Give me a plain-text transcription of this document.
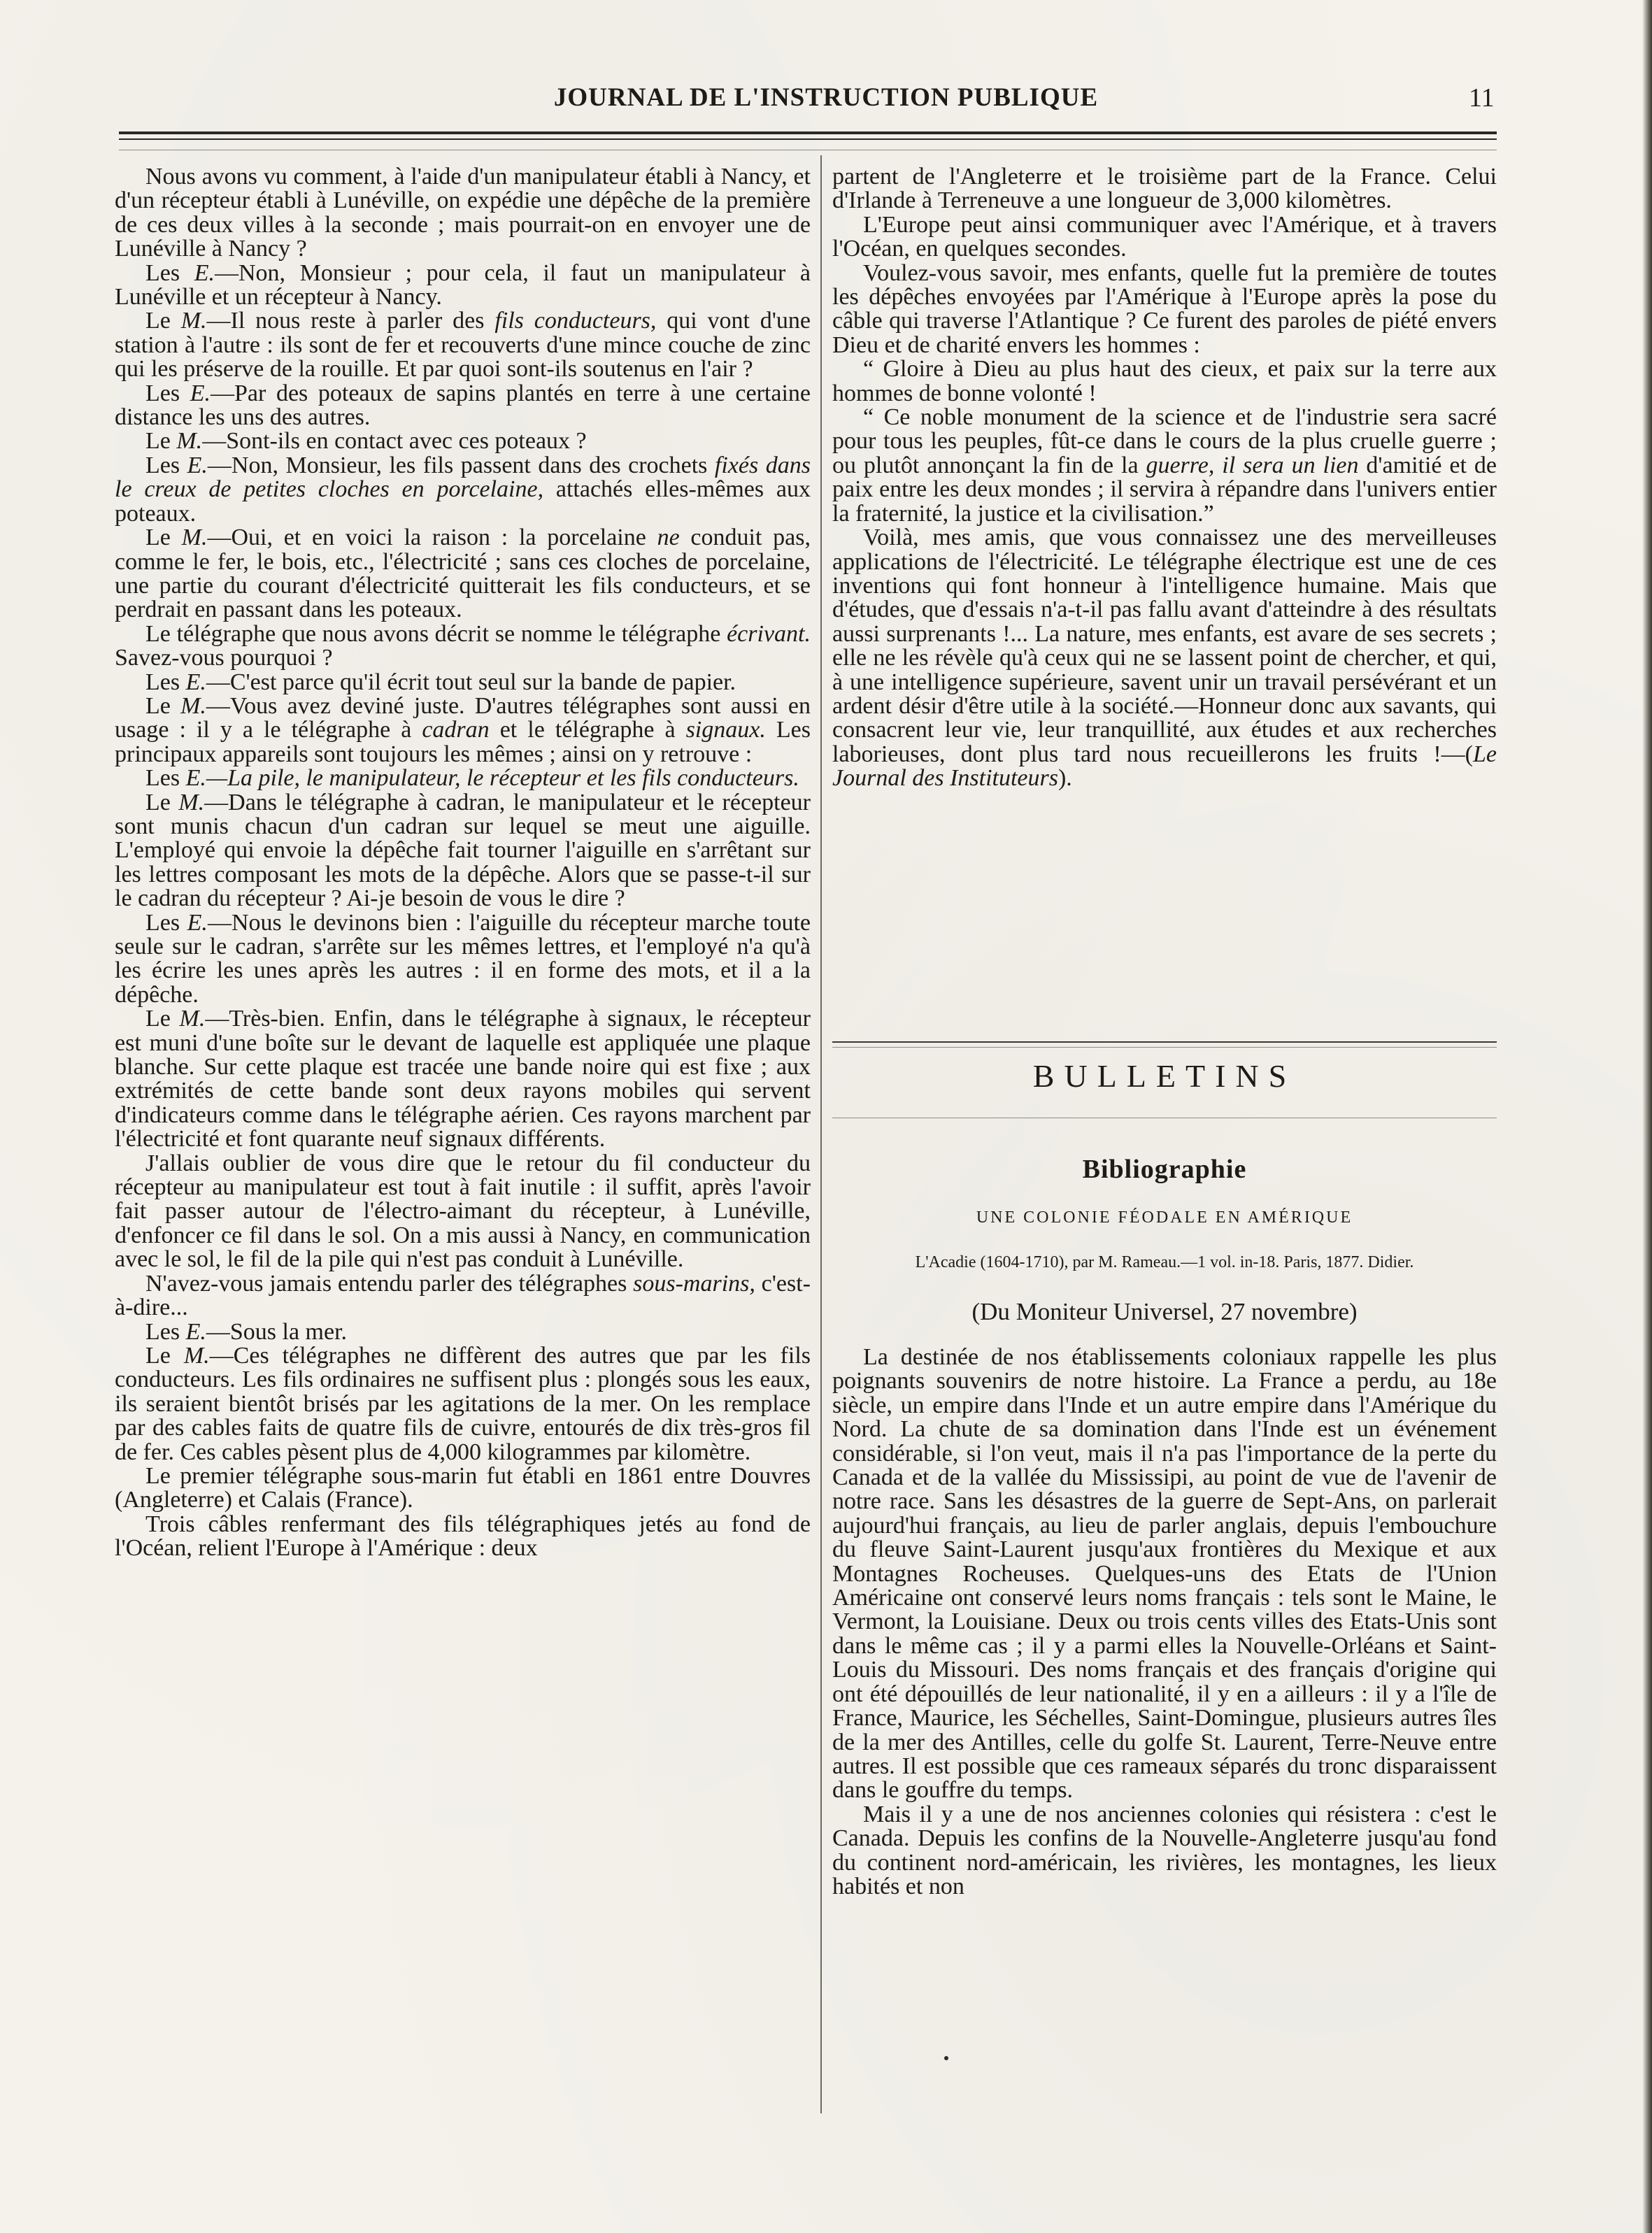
JOURNAL DE L'INSTRUCTION PUBLIQUE	11

Nous avons vu comment, à l'aide d'un manipulateur établi à Nancy, et d'un récepteur établi à Lunéville, on expédie une dépêche de la première de ces deux villes à la seconde ; mais pourrait-on en envoyer une de Lunéville à Nancy ?

Les E.—Non, Monsieur ; pour cela, il faut un manipulateur à Lunéville et un récepteur à Nancy.

Le M.—Il nous reste à parler des fils conducteurs, qui vont d'une station à l'autre : ils sont de fer et recouverts d'une mince couche de zinc qui les préserve de la rouille. Et par quoi sont-ils soutenus en l'air ?

Les E.—Par des poteaux de sapins plantés en terre à une certaine distance les uns des autres.

Le M.—Sont-ils en contact avec ces poteaux ?

Les E.—Non, Monsieur, les fils passent dans des crochets fixés dans le creux de petites cloches en porcelaine, attachés elles-mêmes aux poteaux.

Le M.—Oui, et en voici la raison : la porcelaine ne conduit pas, comme le fer, le bois, etc., l'électricité ; sans ces cloches de porcelaine, une partie du courant d'électricité quitterait les fils conducteurs, et se perdrait en passant dans les poteaux.

Le télégraphe que nous avons décrit se nomme le télégraphe écrivant. Savez-vous pourquoi ?

Les E.—C'est parce qu'il écrit tout seul sur la bande de papier.

Le M.—Vous avez deviné juste. D'autres télégraphes sont aussi en usage : il y a le télégraphe à cadran et le télégraphe à signaux. Les principaux appareils sont toujours les mêmes ; ainsi on y retrouve :

Les E.—La pile, le manipulateur, le récepteur et les fils conducteurs.

Le M.—Dans le télégraphe à cadran, le manipulateur et le récepteur sont munis chacun d'un cadran sur lequel se meut une aiguille. L'employé qui envoie la dépêche fait tourner l'aiguille en s'arrêtant sur les lettres composant les mots de la dépêche. Alors que se passe-t-il sur le cadran du récepteur ? Ai-je besoin de vous le dire ?

Les E.—Nous le devinons bien : l'aiguille du récepteur marche toute seule sur le cadran, s'arrête sur les mêmes lettres, et l'employé n'a qu'à les écrire les unes après les autres : il en forme des mots, et il a la dépêche.

Le M.—Très-bien. Enfin, dans le télégraphe à signaux, le récepteur est muni d'une boîte sur le devant de laquelle est appliquée une plaque blanche. Sur cette plaque est tracée une bande noire qui est fixe ; aux extrémités de cette bande sont deux rayons mobiles qui servent d'indicateurs comme dans le télégraphe aérien. Ces rayons marchent par l'électricité et font quarante neuf signaux différents.

J'allais oublier de vous dire que le retour du fil conducteur du récepteur au manipulateur est tout à fait inutile : il suffit, après l'avoir fait passer autour de l'électro-aimant du récepteur, à Lunéville, d'enfoncer ce fil dans le sol. On a mis aussi à Nancy, en communication avec le sol, le fil de la pile qui n'est pas conduit à Lunéville.

N'avez-vous jamais entendu parler des télégraphes sous-marins, c'est-à-dire...

Les E.—Sous la mer.

Le M.—Ces télégraphes ne diffèrent des autres que par les fils conducteurs. Les fils ordinaires ne suffisent plus : plongés sous les eaux, ils seraient bientôt brisés par les agitations de la mer. On les remplace par des cables faits de quatre fils de cuivre, entourés de dix très-gros fil de fer. Ces cables pèsent plus de 4,000 kilogrammes par kilomètre.

Le premier télégraphe sous-marin fut établi en 1861 entre Douvres (Angleterre) et Calais (France).

Trois câbles renfermant des fils télégraphiques jetés au fond de l'Océan, relient l'Europe à l'Amérique : deux

partent de l'Angleterre et le troisième part de la France. Celui d'Irlande à Terreneuve a une longueur de 3,000 kilomètres.

L'Europe peut ainsi communiquer avec l'Amérique, et à travers l'Océan, en quelques secondes.

Voulez-vous savoir, mes enfants, quelle fut la première de toutes les dépêches envoyées par l'Amérique à l'Europe après la pose du câble qui traverse l'Atlantique ? Ce furent des paroles de piété envers Dieu et de charité envers les hommes :

“ Gloire à Dieu au plus haut des cieux, et paix sur la terre aux hommes de bonne volonté !

“ Ce noble monument de la science et de l'industrie sera sacré pour tous les peuples, fût-ce dans le cours de la plus cruelle guerre ; ou plutôt annonçant la fin de la guerre, il sera un lien d'amitié et de paix entre les deux mondes ; il servira à répandre dans l'univers entier la fraternité, la justice et la civilisation.”

Voilà, mes amis, que vous connaissez une des merveilleuses applications de l'électricité. Le télégraphe électrique est une de ces inventions qui font honneur à l'intelligence humaine. Mais que d'études, que d'essais n'a-t-il pas fallu avant d'atteindre à des résultats aussi surprenants !... La nature, mes enfants, est avare de ses secrets ; elle ne les révèle qu'à ceux qui ne se lassent point de chercher, et qui, à une intelligence supérieure, savent unir un travail persévérant et un ardent désir d'être utile à la société.—Honneur donc aux savants, qui consacrent leur vie, leur tranquillité, aux études et aux recherches laborieuses, dont plus tard nous recueillerons les fruits !—(Le Journal des Instituteurs).

BULLETINS
Bibliographie
UNE COLONIE FÉODALE EN AMÉRIQUE
L'Acadie (1604-1710), par M. Rameau.—1 vol. in-18. Paris, 1877. Didier.
(Du Moniteur Universel, 27 novembre)

La destinée de nos établissements coloniaux rappelle les plus poignants souvenirs de notre histoire. La France a perdu, au 18e siècle, un empire dans l'Inde et un autre empire dans l'Amérique du Nord. La chute de sa domination dans l'Inde est un événement considérable, si l'on veut, mais il n'a pas l'importance de la perte du Canada et de la vallée du Mississipi, au point de vue de l'avenir de notre race. Sans les désastres de la guerre de Sept-Ans, on parlerait aujourd'hui français, au lieu de parler anglais, depuis l'embouchure du fleuve Saint-Laurent jusqu'aux frontières du Mexique et aux Montagnes Rocheuses. Quelques-uns des Etats de l'Union Américaine ont conservé leurs noms français : tels sont le Maine, le Vermont, la Louisiane. Deux ou trois cents villes des Etats-Unis sont dans le même cas ; il y a parmi elles la Nouvelle-Orléans et Saint-Louis du Missouri. Des noms français et des français d'origine qui ont été dépouillés de leur nationalité, il y en a ailleurs : il y a l'île de France, Maurice, les Séchelles, Saint-Domingue, plusieurs autres îles de la mer des Antilles, celle du golfe St. Laurent, Terre-Neuve entre autres. Il est possible que ces rameaux séparés du tronc disparaissent dans le gouffre du temps.

Mais il y a une de nos anciennes colonies qui résistera : c'est le Canada. Depuis les confins de la Nouvelle-Angleterre jusqu'au fond du continent nord-américain, les rivières, les montagnes, les lieux habités et non
